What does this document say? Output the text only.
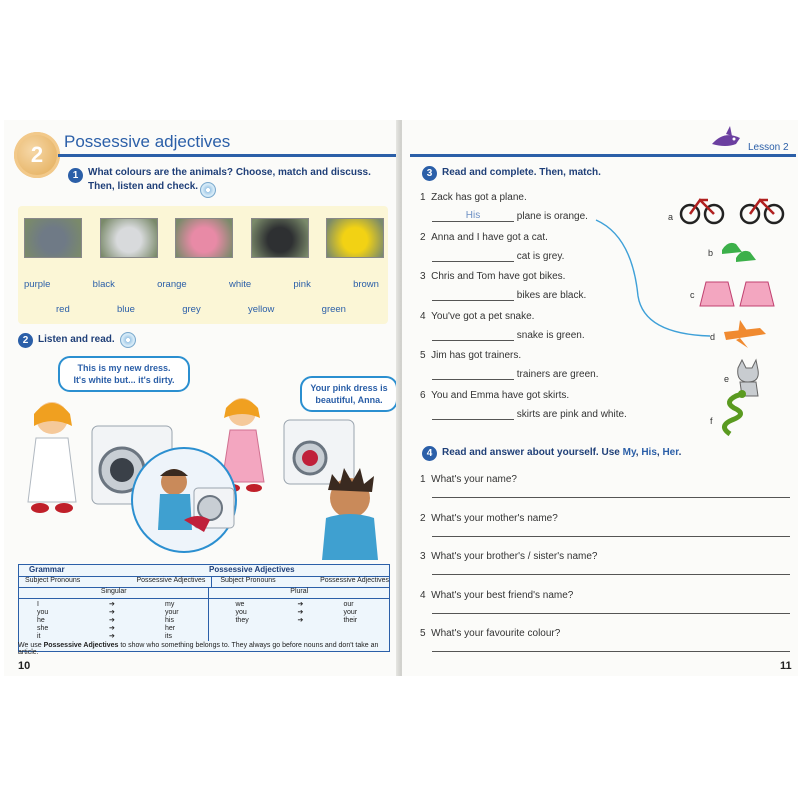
2
Possessive adjectives
1 What colours are the animals? Choose, match and discuss.
Then, listen and check.
purple	black	orange	white	pink	brown
red	blue	grey	yellow	green
2 Listen and read.
This is my new dress.
It's white but... it's dirty.
Your pink dress is
beautiful, Anna.
Grammar	Possessive Adjectives
Subject Pronouns	Possessive Adjectives	Subject Pronouns	Possessive Adjectives
Singular	Plural
I	➔	my
you	➔	your
he	➔	his
she	➔	her
it	➔	its
we	➔	our
you	➔	your
they	➔	their
We use Possessive Adjectives to show who something belongs to. They always go before nouns and don't take an article.
10
Lesson 2
3 Read and complete. Then, match.
1 Zack has got a plane.
His	plane is orange.
2 Anna and I have got a cat.
cat is grey.
3 Chris and Tom have got bikes.
bikes are black.
4 You've got a pet snake.
snake is green.
5 Jim has got trainers.
trainers are green.
6 You and Emma have got skirts.
skirts are pink and white.
a
b
c
d
e
f
4 Read and answer about yourself. Use My, His, Her.
1 What's your name?
2 What's your mother's name?
3 What's your brother's / sister's name?
4 What's your best friend's name?
5 What's your favourite colour?
11
